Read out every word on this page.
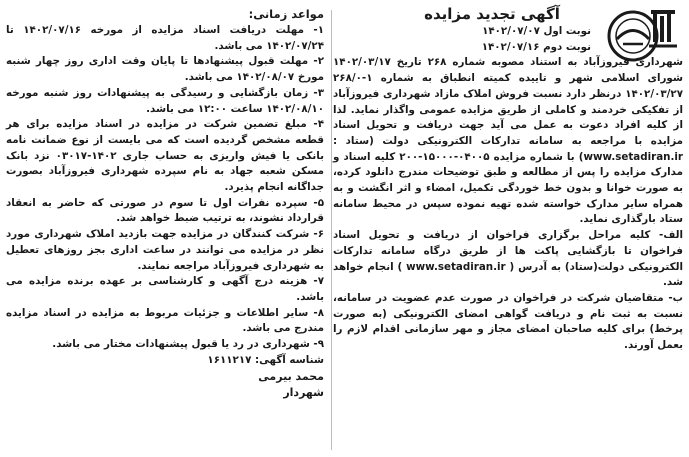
آگهی تجدید مزایده
نوبت اول ۱۴۰۲/۰۷/۰۷
نوبت دوم ۱۴۰۲/۰۷/۱۶

شهرداری فیروزآباد به استناد مصوبه شماره ۲۶۸ تاریخ ۱۴۰۲/۰۳/۱۷ شورای اسلامی شهر و تاییده کمیته انطباق به شماره ۱-۲۶۸/۰ ۱۴۰۲/۰۳/۲۷ درنظر دارد نسبت فروش املاک مازاد شهرداری فیروزآباد از تفکیکی خردمند و کاملی از طریق مزایده عمومی واگذار نماید. لذا از کلیه افراد دعوت به عمل می آید جهت دریافت و تحویل اسناد مزایده با مراجعه به سامانه تدارکات الکترونیکی دولت (ستاد : www.setadiran.ir) با شماره مزایده ۰۴۰۰۵-۱۵۰۰۰-۲۰۰ کلیه اسناد و مدارک مزایده را پس از مطالعه و طبق توضیحات مندرج دانلود کرده، به صورت خوانا و بدون خط خوردگی تکمیل، امضاء و اثر انگشت و به همراه سایر مدارک خواسته شده تهیه نموده سپس در محیط سامانه ستاد بارگذاری نماید.

الف- کلیه مراحل برگزاری فراخوان از دریافت و تحویل اسناد فراخوان تا بازگشایی پاکت ها از طریق درگاه سامانه تدارکات الکترونیکی دولت(ستاد) به آدرس ( www.setadiran.ir ) انجام خواهد شد.

ب- متقاضیان شرکت در فراخوان در صورت عدم عضویت در سامانه، نسبت به ثبت نام و دریافت گواهی امضای الکترونیکی (به صورت پرخط) برای کلیه صاحبان امضای مجاز و مهر سازمانی اقدام لازم را بعمل آورند.

مواعد زمانی:

۱- مهلت دریافت اسناد مزایده از مورخه ۱۴۰۲/۰۷/۱۶ تا ۱۴۰۲/۰۷/۲۴ می باشد.

۲- مهلت قبول پیشنهادها تا پایان وقت اداری روز چهار شنبه مورخ ۱۴۰۲/۰۸/۰۷ می باشد.

۳- زمان بازگشایی و رسیدگی به پیشنهادات روز شنبه مورخه ۱۴۰۲/۰۸/۱۰ ساعت ۱۲:۰۰ می باشد.

۴- مبلغ تضمین شرکت در مزایده در اسناد مزایده برای هر قطعه مشخص گردیده است که می بایست از نوع ضمانت نامه بانکی یا فیش واریزی به حساب جاری ۱۴۰۲-۰۳۰۱۷ نزد بانک مسکن شعبه جهاد به نام سپرده شهرداری فیروزآباد بصورت جداگانه انجام پذیرد.

۵- سپرده نفرات اول تا سوم در صورتی که حاضر به انعقاد قرارداد نشوند، به ترتیب ضبط خواهد شد.

۶- شرکت کنندگان در مزایده جهت بازدید املاک شهرداری مورد نظر در مزایده می توانند در ساعت اداری بجز روزهای تعطیل به شهرداری فیروزآباد مراجعه نمایند.

۷- هزینه درج آگهی و کارشناسی بر عهده برنده مزایده می باشد.

۸- سایر اطلاعات و جزئیات مربوط به مزایده در اسناد مزایده مندرج می باشد.

۹- شهرداری در رد یا قبول پیشنهادات مختار می باشد.

شناسه آگهی: ۱۶۱۱۲۱۷

محمد بیرمی
شهردار
